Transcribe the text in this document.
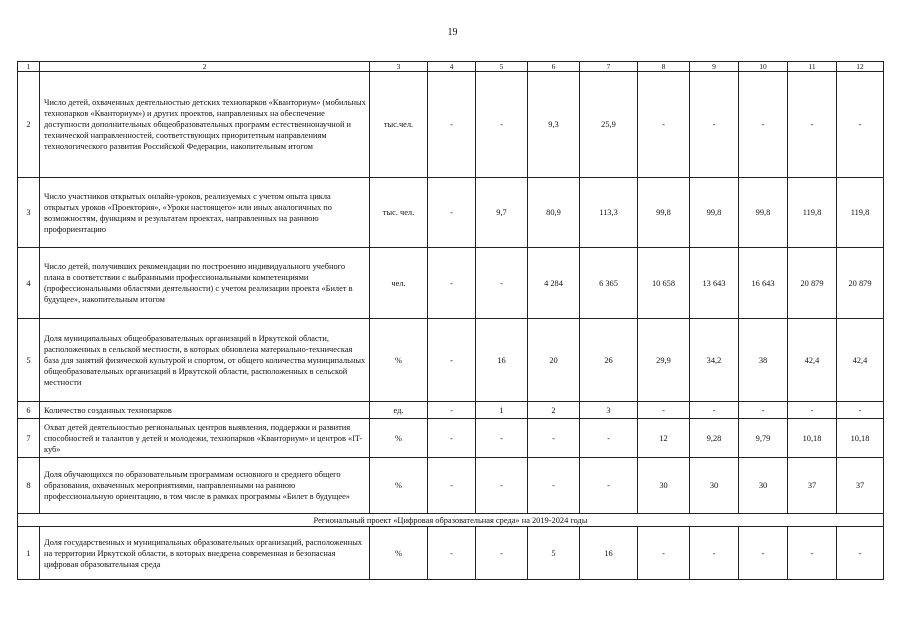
19
1	2	3	4	5	6	7	8	9	10	11	12
2	Число детей, охваченных деятельностью детских технопарков «Кванториум» (мобильных технопарков «Кванториум») и других проектов, направленных на обеспечение доступности дополнительных общеобразовательных программ естественнонаучной и технической направленностей, соответствующих приоритетным направлениям технологического развития Российской Федерации, накопительным итогом	тыс.чел.	-	-	9,3	25,9	-	-	-	-	-
3	Число участников открытых онлайн-уроков, реализуемых с учетом опыта цикла открытых уроков «Проектория», «Уроки настоящего» или иных аналогичных по возможностям, функциям и результатам проектах, направленных на раннюю профориентацию	тыс. чел.	-	9,7	80,9	113,3	99,8	99,8	99,8	119,8	119,8
4	Число детей, получивших рекомендации по построению индивидуального учебного плана в соответствии с выбранными профессиональными компетенциями (профессиональными областями деятельности) с учетом реализации проекта «Билет в будущее», накопительным итогом	чел.	-	-	4 284	6 365	10 658	13 643	16 643	20 879	20 879
5	Доля муниципальных общеобразовательных организаций в Иркутской области, расположенных в сельской местности, в которых обновлена материально-техническая база для занятий физической культурой и спортом, от общего количества муниципальных общеобразовательных организаций в Иркутской области, расположенных в сельской местности	%	-	16	20	26	29,9	34,2	38	42,4	42,4
6	Количество созданных технопарков	ед.	-	1	2	3	-	-	-	-	-
7	Охват детей деятельностью региональных центров выявления, поддержки и развития способностей и талантов у детей и молодежи, технопарков «Кванториум» и центров «IT-куб»	%	-	-	-	-	12	9,28	9,79	10,18	10,18
8	Доля обучающихся по образовательным программам основного и среднего общего образования, охваченных мероприятиями, направленными на раннюю профессиональную ориентацию, в том числе в рамках программы «Билет в будущее»	%	-	-	-	-	30	30	30	37	37
Региональный проект «Цифровая образовательная среда» на 2019-2024 годы											
1	Доля государственных и муниципальных образовательных организаций, расположенных на территории Иркутской области, в которых внедрена современная и безопасная цифровая образовательная среда	%	-	-	5	16	-	-	-	-	-
